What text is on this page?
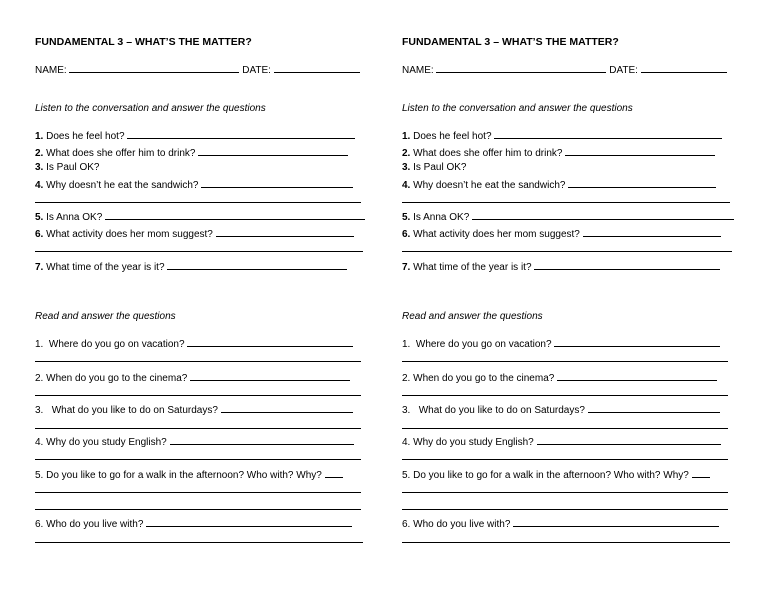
FUNDAMENTAL 3 – WHAT’S THE MATTER?
NAME:	DATE:
Listen to the conversation and answer the questions
1. Does he feel hot?
2. What does she offer him to drink?
3. Is Paul OK?
4. Why doesn’t he eat the sandwich?
5. Is Anna OK?
6. What activity does her mom suggest?
7. What time of the year is it?
Read and answer the questions
1. Where do you go on vacation?
2. When do you go to the cinema?
3. What do you like to do on Saturdays?
4. Why do you study English?
5. Do you like to go for a walk in the afternoon? Who with? Why?
6. Who do you live with?
FUNDAMENTAL 3 – WHAT’S THE MATTER?
NAME:	DATE:
Listen to the conversation and answer the questions
1. Does he feel hot?
2. What does she offer him to drink?
3. Is Paul OK?
4. Why doesn’t he eat the sandwich?
5. Is Anna OK?
6. What activity does her mom suggest?
7. What time of the year is it?
Read and answer the questions
1. Where do you go on vacation?
2. When do you go to the cinema?
3. What do you like to do on Saturdays?
4. Why do you study English?
5. Do you like to go for a walk in the afternoon? Who with? Why?
6. Who do you live with?
